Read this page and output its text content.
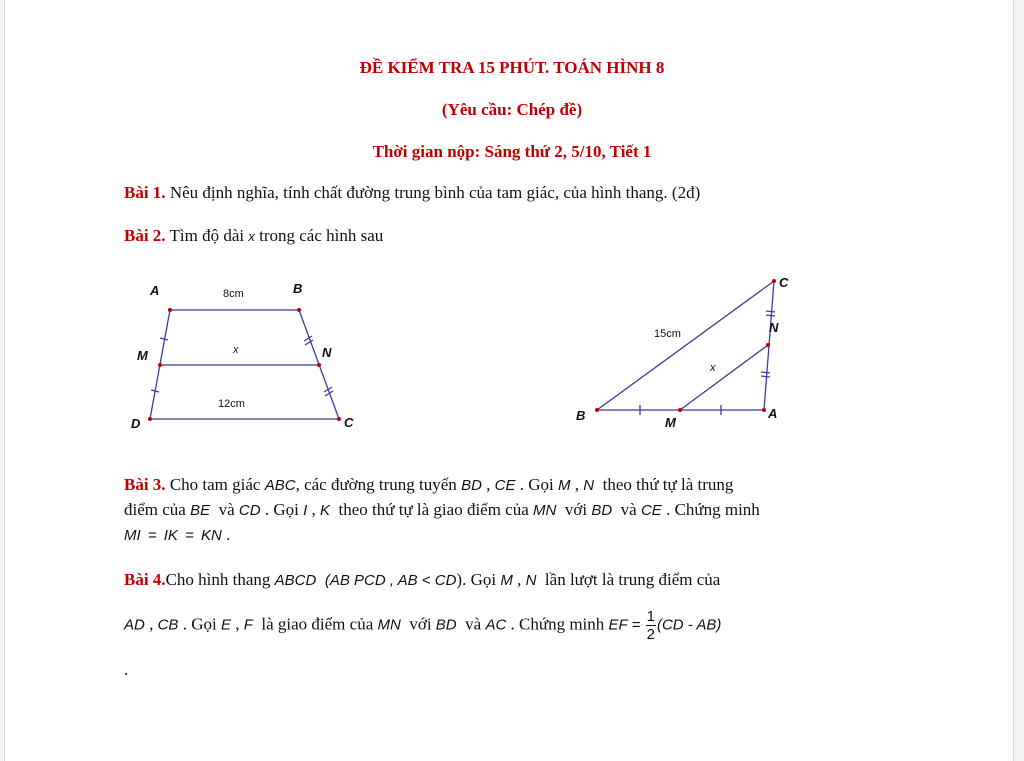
ĐỀ KIỂM TRA 15 PHÚT. TOÁN HÌNH 8
(Yêu cầu: Chép đề)
Thời gian nộp: Sáng thứ 2, 5/10, Tiết 1
Bài 1. Nêu định nghĩa, tính chất đường trung bình của tam giác, của hình thang. (2đ)
Bài 2. Tìm độ dài x trong các hình sau
A	B
M	N
D	C
8cm
x
12cm
B	A
C
N
M
15cm
x
Bài 3. Cho tam giác ABC, các đường trung tuyến BD , CE . Gọi M , N theo thứ tự là trung
điểm của BE và CD . Gọi I , K theo thứ tự là giao điểm của MN với BD và CE . Chứng minh
MI = IK = KN .
Bài 4.Cho hình thang ABCD (AB PCD , AB < CD). Gọi M , N lần lượt là trung điểm của
AD , CB . Gọi E , F là giao điểm của MN với BD và AC . Chứng minh EF = $\frac{1}{2} (CD - AB)$
.
